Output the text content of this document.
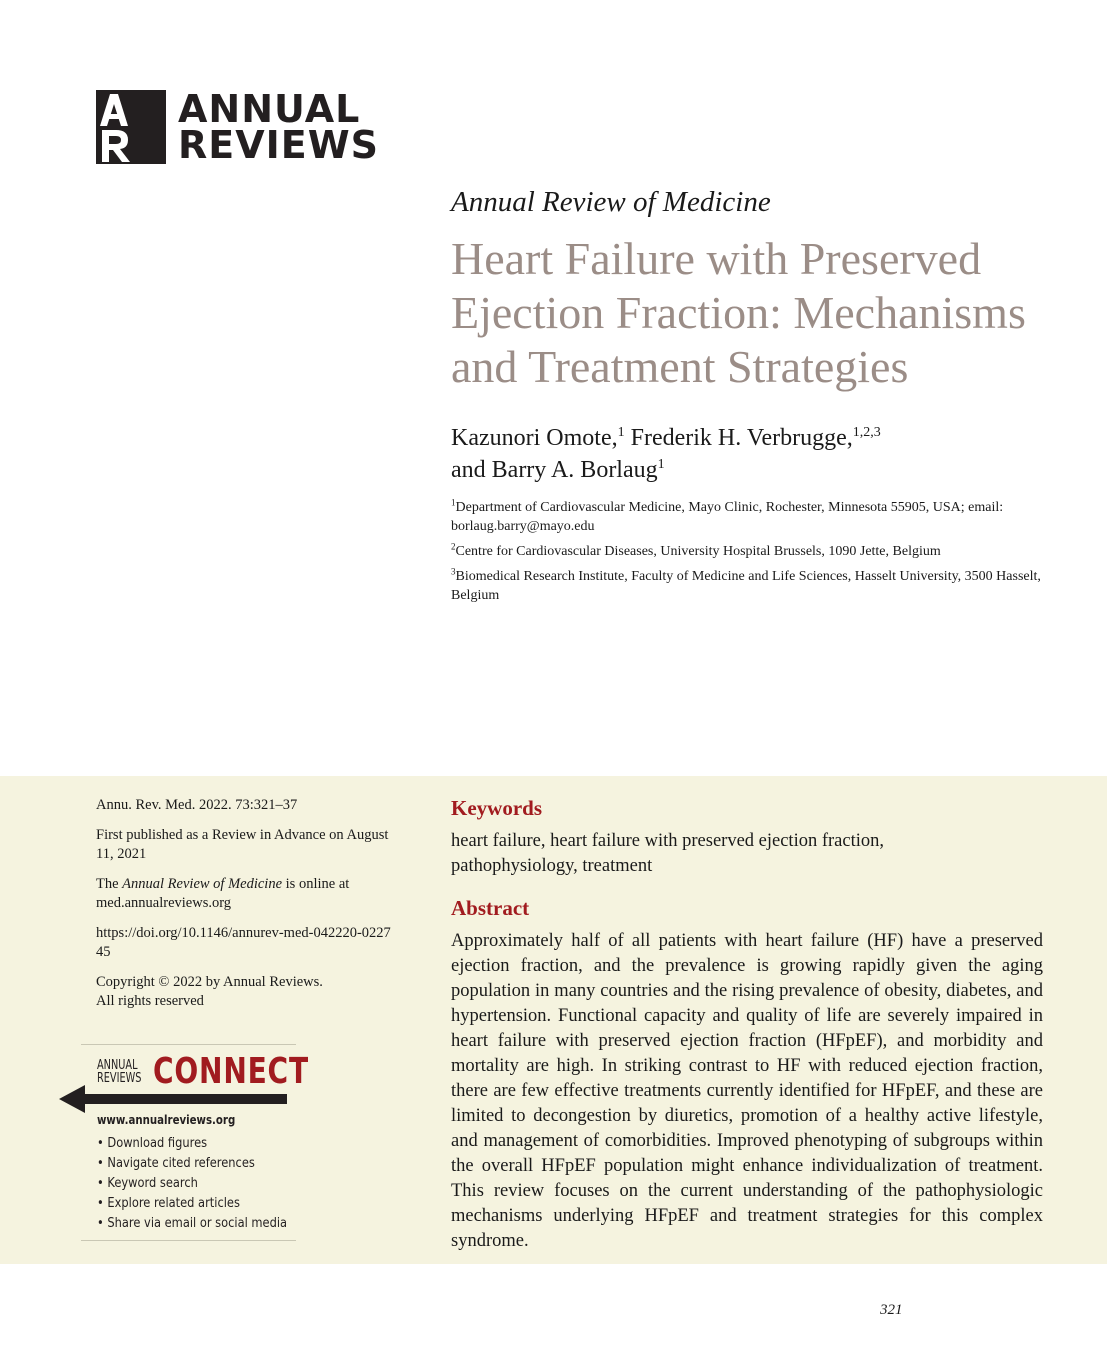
ANNUAL
REVIEWS
Annual Review of Medicine
Heart Failure with Preserved Ejection Fraction: Mechanisms and Treatment Strategies
Kazunori Omote,$^1$ Frederik H. Verbrugge,$^{1,2,3}$
and Barry A. Borlaug$^1$
$^1$Department of Cardiovascular Medicine, Mayo Clinic, Rochester, Minnesota 55905, USA; email: borlaug.barry@mayo.edu
$^2$Centre for Cardiovascular Diseases, University Hospital Brussels, 1090 Jette, Belgium
$^3$Biomedical Research Institute, Faculty of Medicine and Life Sciences, Hasselt University, 3500 Hasselt, Belgium

Annu. Rev. Med. 2022. 73:321–37

First published as a Review in Advance on August 11, 2021

The Annual Review of Medicine is online at med.annualreviews.org

https://doi.org/10.1146/annurev-med-042220-022745

Copyright © 2022 by Annual Reviews.
All rights reserved

ANNUAL
REVIEWS CONNECT
www.annualreviews.org
• Download figures
• Navigate cited references
• Keyword search
• Explore related articles
• Share via email or social media
Keywords
heart failure, heart failure with preserved ejection fraction, pathophysiology, treatment
Abstract
Approximately half of all patients with heart failure (HF) have a preserved ejection fraction, and the prevalence is growing rapidly given the aging population in many countries and the rising prevalence of obesity, diabetes, and hypertension. Functional capacity and quality of life are severely impaired in heart failure with preserved ejection fraction (HFpEF), and morbidity and mortality are high. In striking contrast to HF with reduced ejection fraction, there are few effective treatments currently identified for HFpEF, and these are limited to decongestion by diuretics, promotion of a healthy active lifestyle, and management of comorbidities. Improved phenotyping of subgroups within the overall HFpEF population might enhance individualization of treatment. This review focuses on the current understanding of the pathophysiologic mechanisms underlying HFpEF and treatment strategies for this complex syndrome.
321
